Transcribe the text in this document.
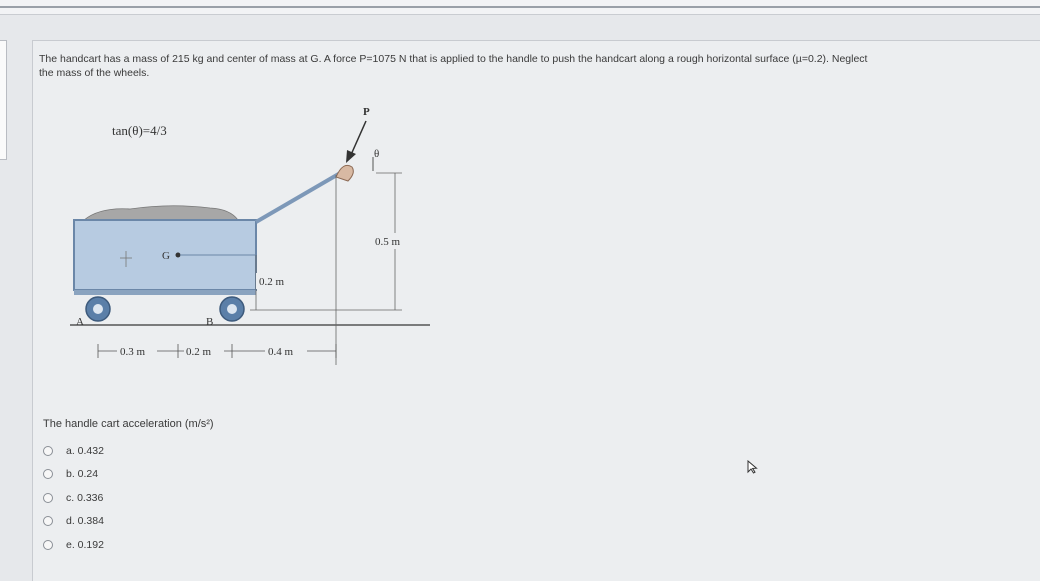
The handcart has a mass of 215 kg and center of mass at G. A force P=1075 N that is applied to the handle to push the handcart along a rough horizontal surface (µ=0.2). Neglect
the mass of the wheels.
tan(θ)=4/3
P
θ
G
A	B
0.5 m
0.2 m
0.3 m	0.2 m	0.4 m
The handle cart acceleration (m/s²)
a. 0.432
b. 0.24
c. 0.336
d. 0.384
e. 0.192
